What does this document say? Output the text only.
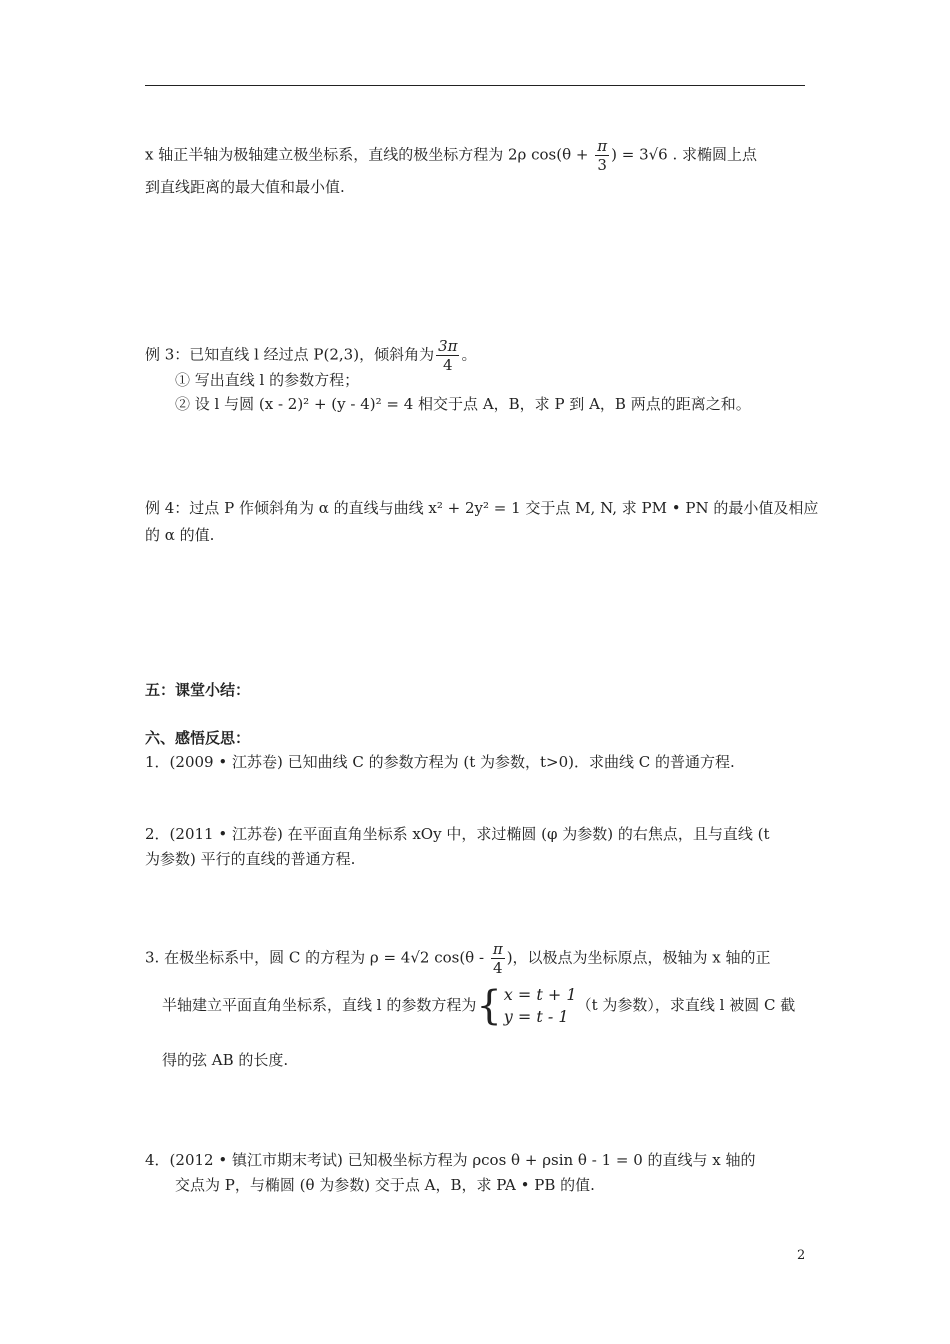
x 轴正半轴为极轴建立极坐标系，直线的极坐标方程为 2ρ $\cos(\theta + \frac{\pi}{3}$ ) = 3√6 . 求椭圆上点
到直线距离的最大值和最小值.
例 3：已知直线 l 经过点 P(2,3)，倾斜角为 $\frac{3\pi}{4}$ 。
① 写出直线 l 的参数方程；
② 设 l 与圆 (x - 2)² + (y - 4)² = 4 相交于点 A，B，求 P 到 A，B 两点的距离之和。
例 4：过点 P 作倾斜角为 α 的直线与曲线 x² + 2y² = 1 交于点 M, N, 求 PM • PN 的最小值及相应
的 α 的值.
五：课堂小结：
六、感悟反思：
1．(2009 • 江苏卷) 已知曲线 C 的参数方程为 (t 为参数，t>0)．求曲线 C 的普通方程.
2．(2011 • 江苏卷) 在平面直角坐标系 xOy 中，求过椭圆 (φ 为参数) 的右焦点，且与直线 (t
为参数) 平行的直线的普通方程.
3. 在极坐标系中，圆 C 的方程为 ρ = 4√2 $\cos(\theta - \frac{\pi}{4}$ )，以极点为坐标原点，极轴为 x 轴的正
半轴建立平面直角坐标系，直线 l 的参数方程为{ x = t + 1
y = t - 1
（t 为参数），求直线 l 被圆 C 截
得的弦 AB 的长度.
4．(2012 • 镇江市期末考试) 已知极坐标方程为 ρcos θ + ρsin θ - 1 = 0 的直线与 x 轴的
交点为 P，与椭圆 (θ 为参数) 交于点 A，B，求 PA • PB 的值.
2
